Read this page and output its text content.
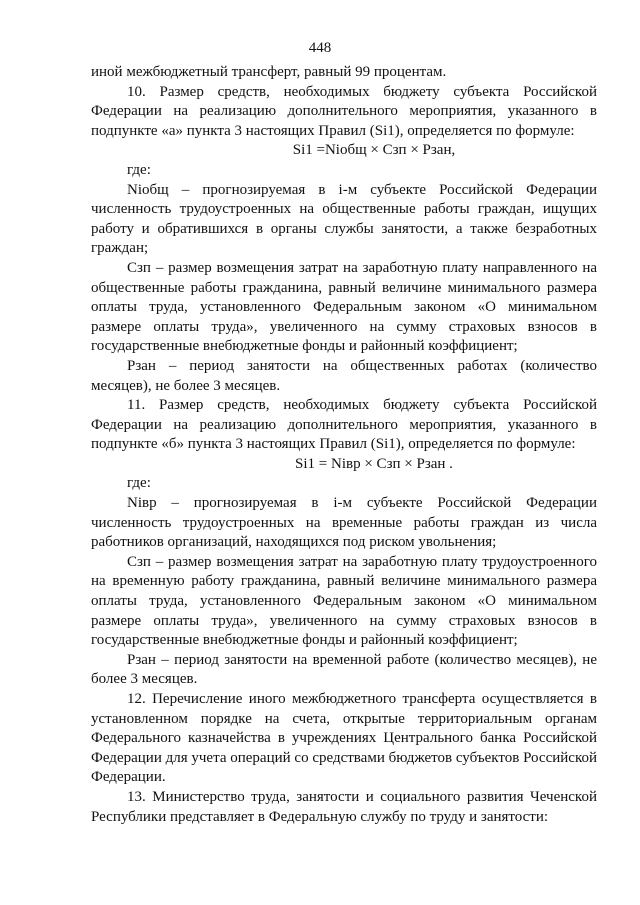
448

иной межбюджетный трансферт, равный 99 процентам.

10. Размер средств, необходимых бюджету субъекта Российской Федерации на реализацию дополнительного мероприятия, указанного в подпункте «а» пункта 3 настоящих Правил (Si1), определяется по формуле:

Si1 =Niобщ × Сзп × Pзан,

где:

Niобщ – прогнозируемая в i-м субъекте Российской Федерации численность трудоустроенных на общественные работы граждан, ищущих работу и обратившихся в органы службы занятости, а также безработных граждан;

Сзп – размер возмещения затрат на заработную плату направленного на общественные работы гражданина, равный величине минимального размера оплаты труда, установленного Федеральным законом «О минимальном размере оплаты труда», увеличенного на сумму страховых взносов в государственные внебюджетные фонды и районный коэффициент;

Pзан – период занятости на общественных работах (количество месяцев), не более 3 месяцев.

11. Размер средств, необходимых бюджету субъекта Российской Федерации на реализацию дополнительного мероприятия, указанного в подпункте «б» пункта 3 настоящих Правил (Si1), определяется по формуле:

Si1 = Niвр × Сзп × Pзан .

где:

Niвр – прогнозируемая в i-м субъекте Российской Федерации численность трудоустроенных на временные работы граждан из числа работников организаций, находящихся под риском увольнения;

Сзп – размер возмещения затрат на заработную плату трудоустроенного на временную работу гражданина, равный величине минимального размера оплаты труда, установленного Федеральным законом «О минимальном размере оплаты труда», увеличенного на сумму страховых взносов в государственные внебюджетные фонды и районный коэффициент;

Pзан – период занятости на временной работе (количество месяцев), не более 3 месяцев.

12. Перечисление иного межбюджетного трансферта осуществляется в установленном порядке на счета, открытые территориальным органам Федерального казначейства в учреждениях Центрального банка Российской Федерации для учета операций со средствами бюджетов субъектов Российской Федерации.

13. Министерство труда, занятости и социального развития Чеченской Республики представляет в Федеральную службу по труду и занятости:
